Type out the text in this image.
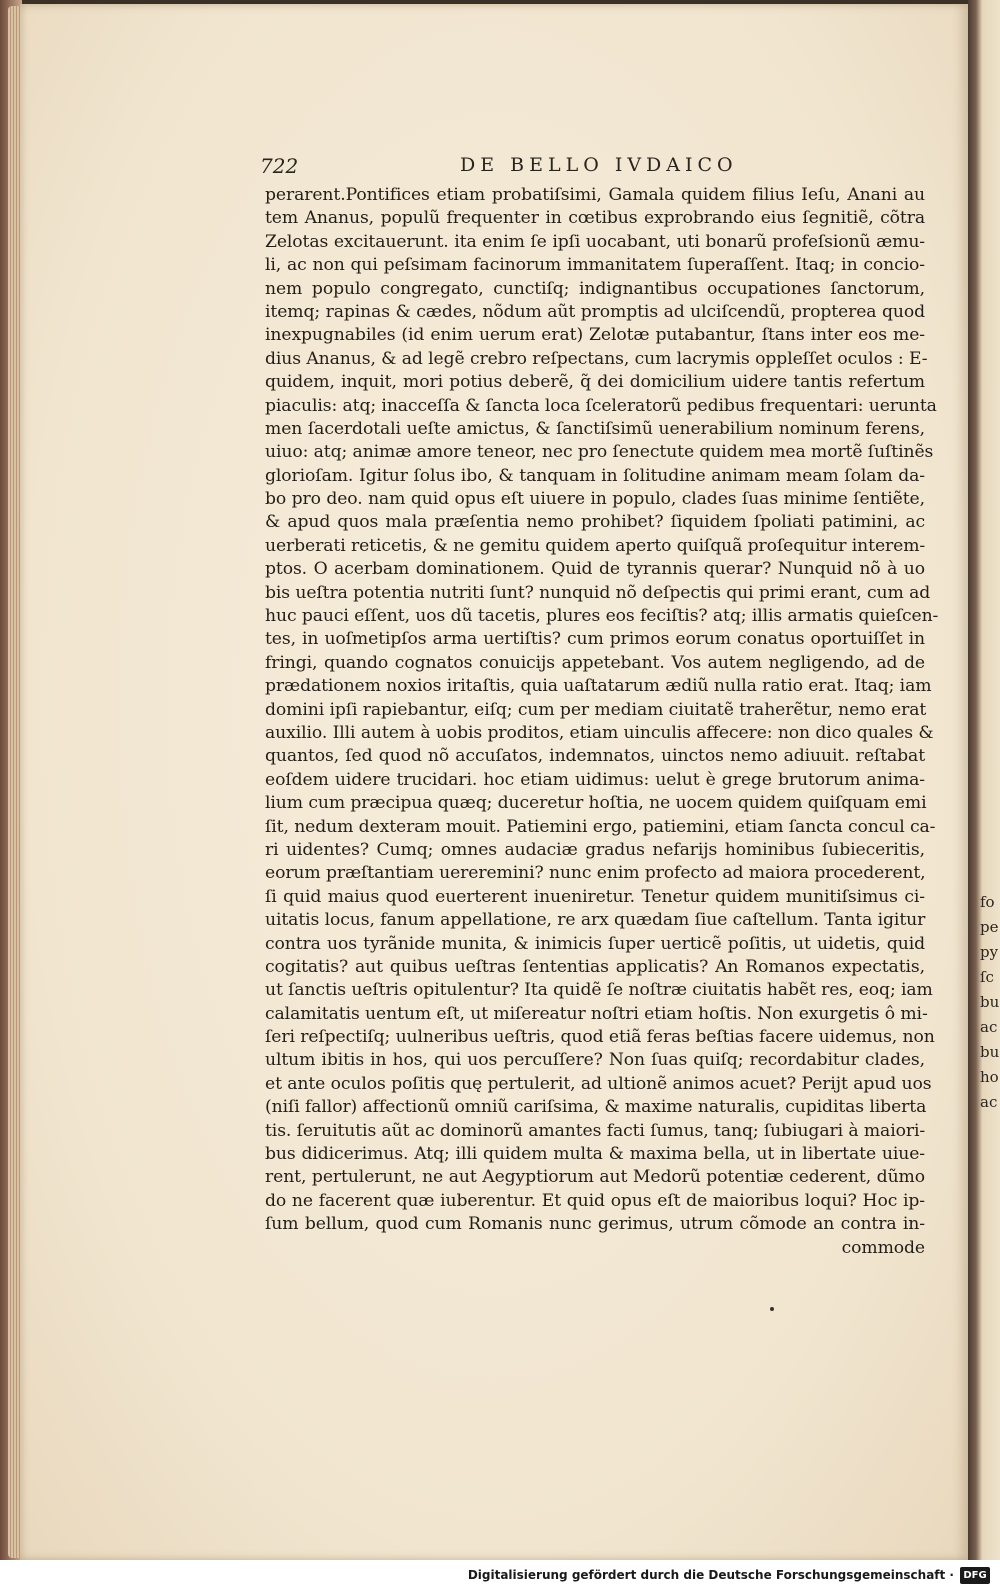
722	DE BELLO IVDAICO
perarent.Pontifices etiam probatiſsimi, Gamala quidem filius Ieſu, Anani au
tem Ananus, populũ frequenter in cœtibus exprobrando eius ſegnitiẽ, cõtra
Zelotas excitauerunt. ita enim ſe ipſi uocabant, uti bonarũ profeſsionũ æmu-
li, ac non qui peſsimam facinorum immanitatem ſuperaſſent. Itaq; in concio-
nem populo congregato, cunctiſq; indignantibus occupationes ſanctorum,
itemq; rapinas & cædes, nõdum aũt promptis ad ulciſcendũ, propterea quod
inexpugnabiles (id enim uerum erat) Zelotæ putabantur, ſtans inter eos me-
dius Ananus, & ad legẽ crebro reſpectans, cum lacrymis oppleſſet oculos : E-
quidem, inquit, mori potius deberẽ, q̃ dei domicilium uidere tantis refertum
piaculis: atq; inacceſſa & ſancta loca ſceleratorũ pedibus frequentari: uerunta
men ſacerdotali ueſte amictus, & ſanctiſsimũ uenerabilium nominum ferens,
uiuo: atq; animæ amore teneor, nec pro ſenectute quidem mea mortẽ ſuſtinẽs
glorioſam. Igitur ſolus ibo, & tanquam in ſolitudine animam meam ſolam da-
bo pro deo. nam quid opus eſt uiuere in populo, clades ſuas minime ſentiẽte,
& apud quos mala præſentia nemo prohibet? ſiquidem ſpoliati patimini, ac
uerberati reticetis, & ne gemitu quidem aperto quiſquã proſequitur interem-
ptos. O acerbam dominationem. Quid de tyrannis querar? Nunquid nõ à uo
bis ueſtra potentia nutriti ſunt? nunquid nõ deſpectis qui primi erant, cum ad
huc pauci eſſent, uos dũ tacetis, plures eos feciſtis? atq; illis armatis quieſcen-
tes, in uoſmetipſos arma uertiſtis? cum primos eorum conatus oportuiſſet in
fringi, quando cognatos conuicijs appetebant. Vos autem negligendo, ad de
prædationem noxios iritaſtis, quia uaſtatarum ædiũ nulla ratio erat. Itaq; iam
domini ipſi rapiebantur, eiſq; cum per mediam ciuitatẽ traherẽtur, nemo erat
auxilio. Illi autem à uobis proditos, etiam uinculis affecere: non dico quales &
quantos, ſed quod nõ accuſatos, indemnatos, uinctos nemo adiuuit. reſtabat
eoſdem uidere trucidari. hoc etiam uidimus: uelut è grege brutorum anima-
lium cum præcipua quæq; duceretur hoſtia, ne uocem quidem quiſquam emi
ſit, nedum dexteram mouit. Patiemini ergo, patiemini, etiam ſancta concul ca-
ri uidentes? Cumq; omnes audaciæ gradus nefarijs hominibus ſubieceritis,
eorum præſtantiam uereremini? nunc enim profecto ad maiora procederent,
ſi quid maius quod euerterent inueniretur. Tenetur quidem munitiſsimus ci-
uitatis locus, fanum appellatione, re arx quædam ſiue caſtellum. Tanta igitur
contra uos tyrãnide munita, & inimicis ſuper uerticẽ poſitis, ut uidetis, quid
cogitatis? aut quibus ueſtras ſententias applicatis? An Romanos expectatis,
ut ſanctis ueſtris opitulentur? Ita quidẽ ſe noſtræ ciuitatis habẽt res, eoq; iam
calamitatis uentum eſt, ut miſereatur noſtri etiam hoſtis. Non exurgetis ô mi-
ſeri reſpectiſq; uulneribus ueſtris, quod etiã feras beſtias facere uidemus, non
ultum ibitis in hos, qui uos percuſſere? Non ſuas quiſq; recordabitur clades,
et ante oculos poſitis quę pertulerit, ad ultionẽ animos acuet? Perijt apud uos
(niſi fallor) affectionũ omniũ cariſsima, & maxime naturalis, cupiditas liberta
tis. ſeruitutis aũt ac dominorũ amantes facti ſumus, tanq; ſubiugari à maiori-
bus didicerimus. Atq; illi quidem multa & maxima bella, ut in libertate uiue-
rent, pertulerunt, ne aut Aegyptiorum aut Medorũ potentiæ cederent, dũmo
do ne facerent quæ iuberentur. Et quid opus eſt de maioribus loqui? Hoc ip-
ſum bellum, quod cum Romanis nunc gerimus, utrum cõmode an contra in-
commode
fo
pe
py
ſc
bu
ac
bu
ho
ac
Digitalisierung gefördert durch die Deutsche Forschungsgemeinschaft · DFG
